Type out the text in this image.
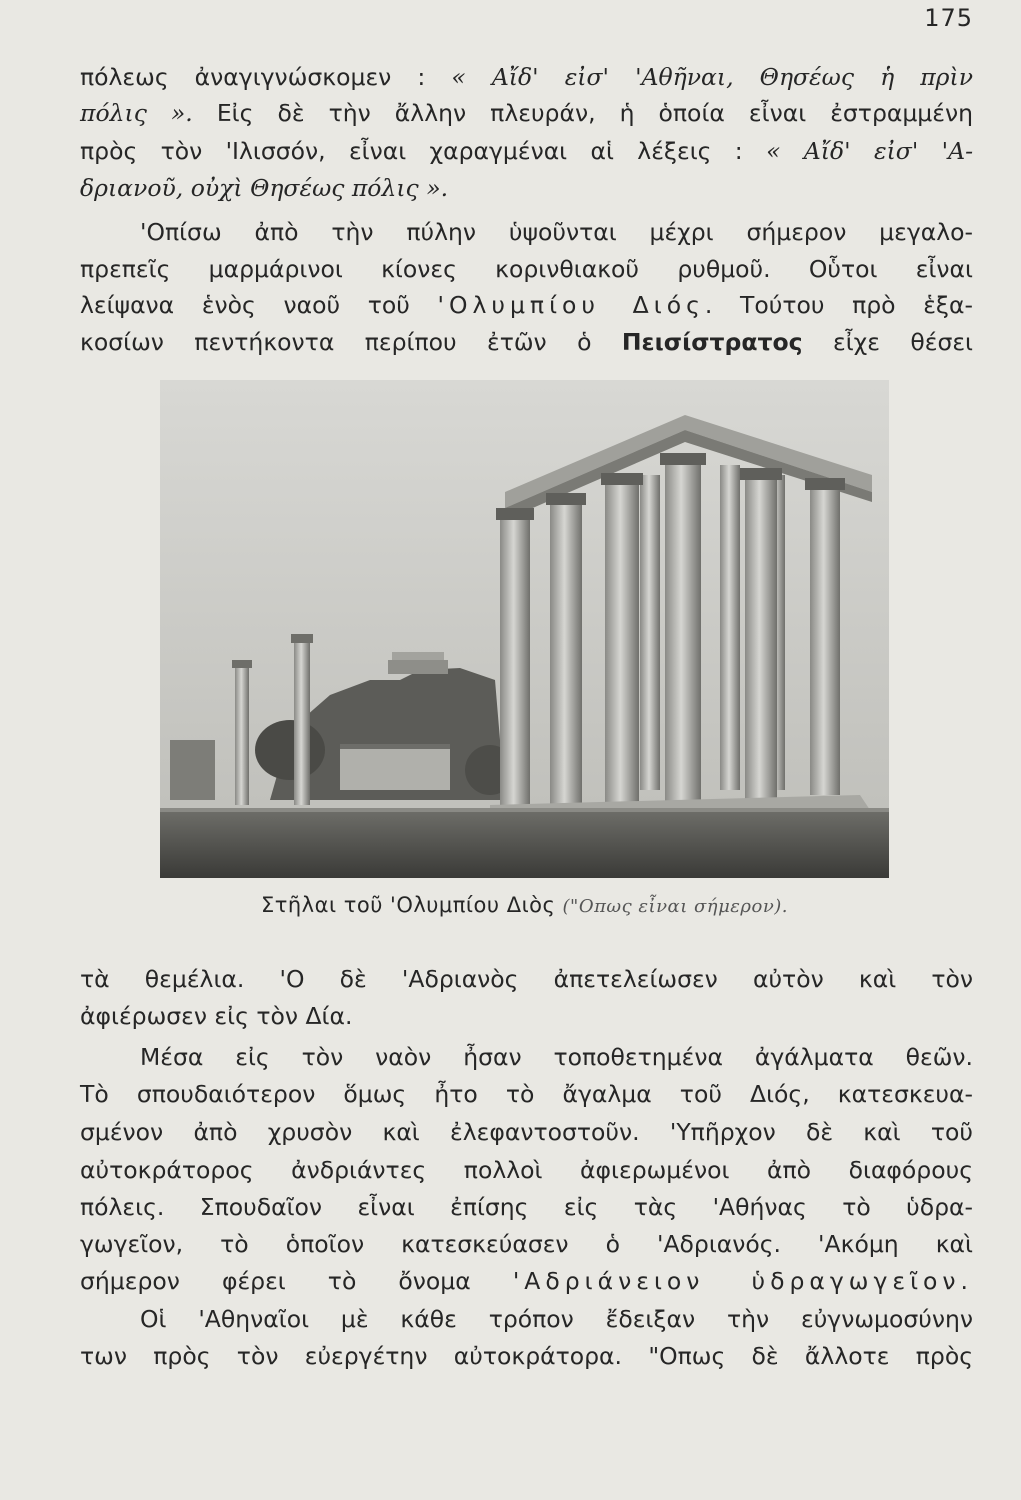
175
πόλεως ἀναγιγνώσκομεν : « Αἴδ' εἰσ' 'Αθῆναι, Θησέως ἡ πρὶν
πόλις ». Εἰς δὲ τὴν ἄλλην πλευράν, ἡ ὁποία εἶναι ἐστραμμένη
πρὸς τὸν 'Ιλισσόν, εἶναι χαραγμέναι αἱ λέξεις : « Αἴδ' εἰσ' 'Α-
δριανοῦ, οὐχὶ Θησέως πόλις ».
'Οπίσω ἀπὸ τὴν πύλην ὑψοῦνται μέχρι σήμερον μεγαλο-
πρεπεῖς μαρμάρινοι κίονες κορινθιακοῦ ρυθμοῦ. Οὗτοι εἶναι
λείψανα ἑνὸς ναοῦ τοῦ 'Ολυμπίου Διός. Τούτου πρὸ ἑξα-
κοσίων πεντήκοντα περίπου ἐτῶν ὁ Πεισίστρατος εἶχε θέσει
Στῆλαι τοῦ 'Ολυμπίου Διὸς ("Οπως εἶναι σήμερον).
τὰ θεμέλια. 'Ο δὲ 'Αδριανὸς ἀπετελείωσεν αὐτὸν καὶ τὸν
ἀφιέρωσεν εἰς τὸν Δία.
Μέσα εἰς τὸν ναὸν ἦσαν τοποθετημένα ἀγάλματα θεῶν.
Τὸ σπουδαιότερον ὅμως ἦτο τὸ ἄγαλμα τοῦ Διός, κατεσκευα-
σμένον ἀπὸ χρυσὸν καὶ ἐλεφαντοστοῦν. 'Υπῆρχον δὲ καὶ τοῦ
αὐτοκράτορος ἀνδριάντες πολλοὶ ἀφιερωμένοι ἀπὸ διαφόρους
πόλεις. Σπουδαῖον εἶναι ἐπίσης εἰς τὰς 'Αθήνας τὸ ὑδρα-
γωγεῖον, τὸ ὁποῖον κατεσκεύασεν ὁ 'Αδριανός. 'Ακόμη καὶ
σήμερον φέρει τὸ ὄνομα 'Αδριάνειον ὑδραγωγεῖον.
Οἱ 'Αθηναῖοι μὲ κάθε τρόπον ἔδειξαν τὴν εὐγνωμοσύνην
των πρὸς τὸν εὐεργέτην αὐτοκράτορα. "Οπως δὲ ἄλλοτε πρὸς
